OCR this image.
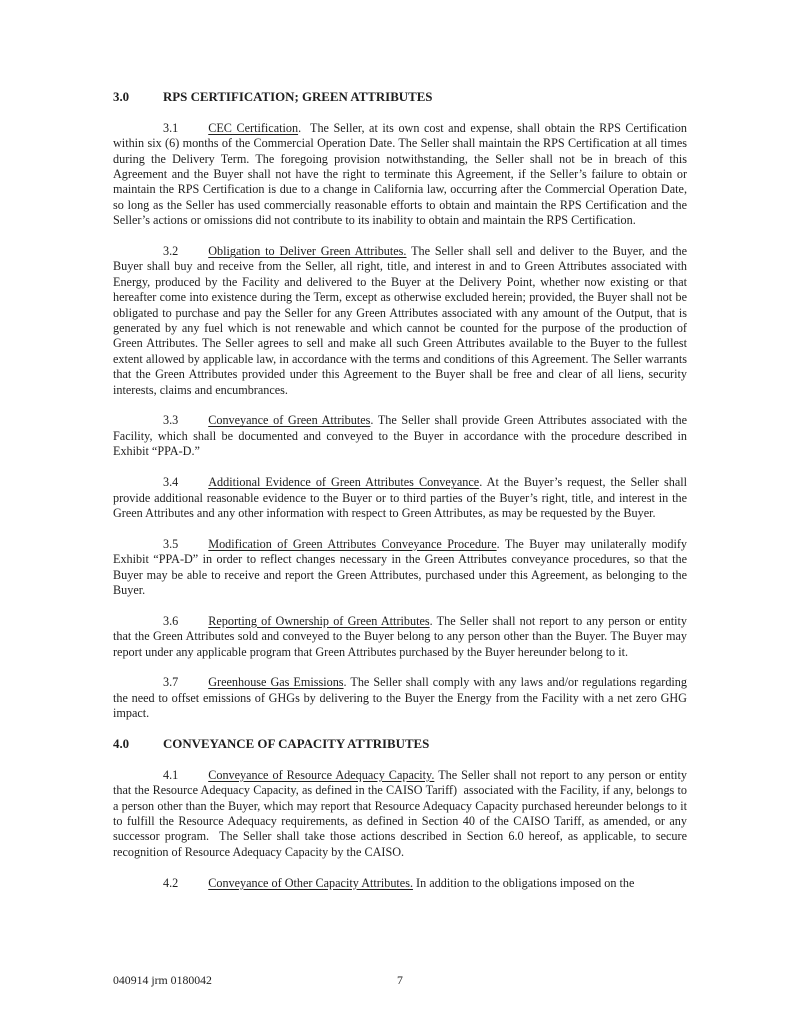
3.0	RPS CERTIFICATION; GREEN ATTRIBUTES

3.1 CEC Certification.  The Seller, at its own cost and expense, shall obtain the RPS Certification within six (6) months of the Commercial Operation Date. The Seller shall maintain the RPS Certification at all times during the Delivery Term. The foregoing provision notwithstanding, the Seller shall not be in breach of this Agreement and the Buyer shall not have the right to terminate this Agreement, if the Seller’s failure to obtain or maintain the RPS Certification is due to a change in California law, occurring after the Commercial Operation Date, so long as the Seller has used commercially reasonable efforts to obtain and maintain the RPS Certification and the Seller’s actions or omissions did not contribute to its inability to obtain and maintain the RPS Certification.

3.2 Obligation to Deliver Green Attributes. The Seller shall sell and deliver to the Buyer, and the Buyer shall buy and receive from the Seller, all right, title, and interest in and to Green Attributes associated with Energy, produced by the Facility and delivered to the Buyer at the Delivery Point, whether now existing or that hereafter come into existence during the Term, except as otherwise excluded herein; provided, the Buyer shall not be obligated to purchase and pay the Seller for any Green Attributes associated with any amount of the Output, that is generated by any fuel which is not renewable and which cannot be counted for the purpose of the production of Green Attributes. The Seller agrees to sell and make all such Green Attributes available to the Buyer to the fullest extent allowed by applicable law, in accordance with the terms and conditions of this Agreement. The Seller warrants that the Green Attributes provided under this Agreement to the Buyer shall be free and clear of all liens, security interests, claims and encumbrances.

3.3 Conveyance of Green Attributes. The Seller shall provide Green Attributes associated with the Facility, which shall be documented and conveyed to the Buyer in accordance with the procedure described in Exhibit “PPA-D.”

3.4 Additional Evidence of Green Attributes Conveyance. At the Buyer’s request, the Seller shall provide additional reasonable evidence to the Buyer or to third parties of the Buyer’s right, title, and interest in the Green Attributes and any other information with respect to Green Attributes, as may be requested by the Buyer.

3.5 Modification of Green Attributes Conveyance Procedure. The Buyer may unilaterally modify Exhibit “PPA-D” in order to reflect changes necessary in the Green Attributes conveyance procedures, so that the Buyer may be able to receive and report the Green Attributes, purchased under this Agreement, as belonging to the Buyer.

3.6 Reporting of Ownership of Green Attributes. The Seller shall not report to any person or entity that the Green Attributes sold and conveyed to the Buyer belong to any person other than the Buyer. The Buyer may report under any applicable program that Green Attributes purchased by the Buyer hereunder belong to it.

3.7 Greenhouse Gas Emissions. The Seller shall comply with any laws and/or regulations regarding the need to offset emissions of GHGs by delivering to the Buyer the Energy from the Facility with a net zero GHG impact.

4.0	CONVEYANCE OF CAPACITY ATTRIBUTES

4.1 Conveyance of Resource Adequacy Capacity. The Seller shall not report to any person or entity that the Resource Adequacy Capacity, as defined in the CAISO Tariff)  associated with the Facility, if any, belongs to a person other than the Buyer, which may report that Resource Adequacy Capacity purchased hereunder belongs to it to fulfill the Resource Adequacy requirements, as defined in Section 40 of the CAISO Tariff, as amended, or any successor program.  The Seller shall take those actions described in Section 6.0 hereof, as applicable, to secure recognition of Resource Adequacy Capacity by the CAISO.

4.2 Conveyance of Other Capacity Attributes. In addition to the obligations imposed on the

040914 jrm 0180042	7
